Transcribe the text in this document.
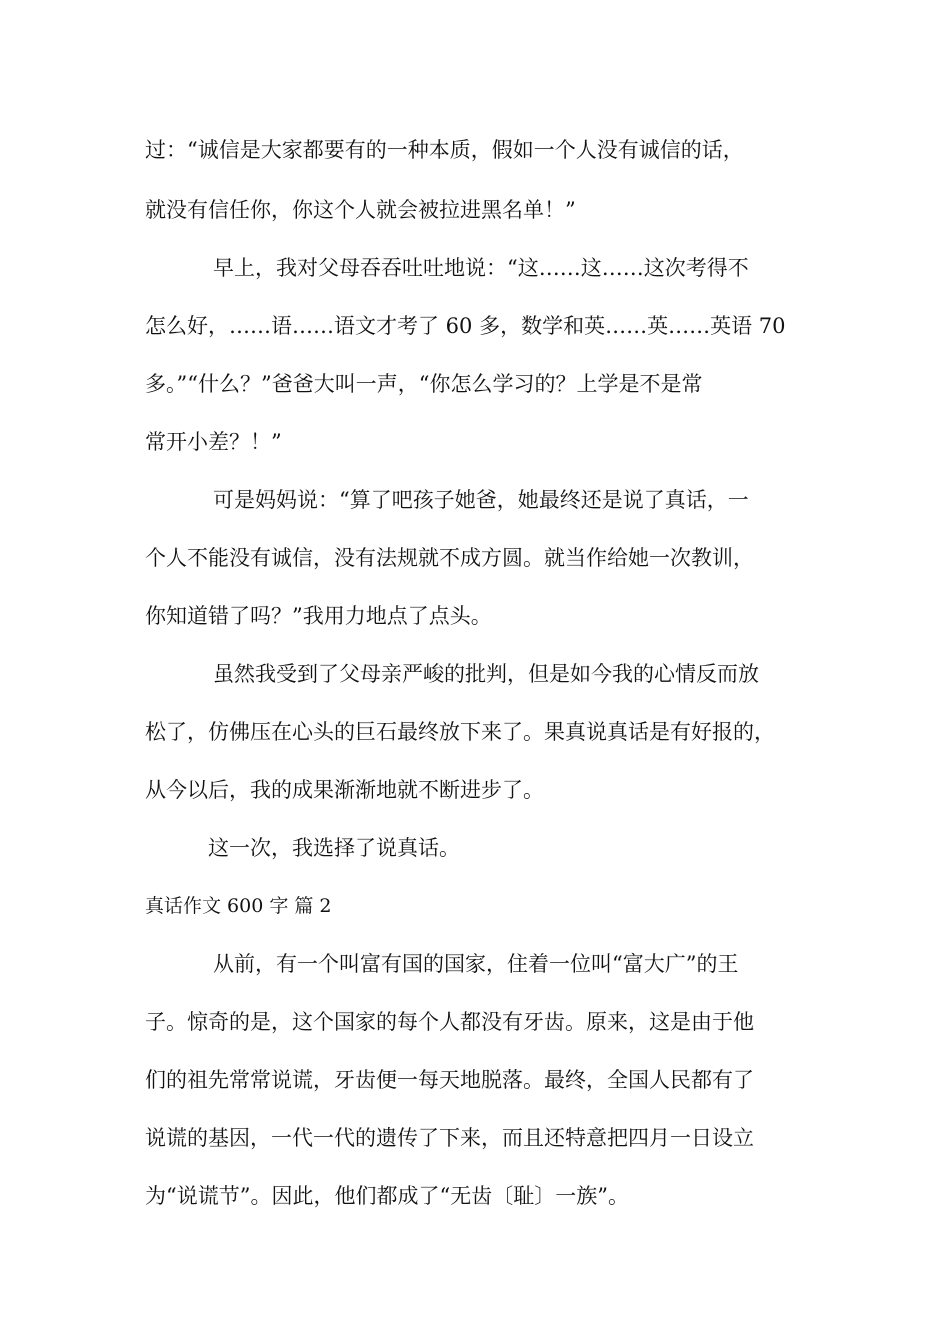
过：“诚信是大家都要有的一种本质，假如一个人没有诚信的话，
就没有信任你，你这个人就会被拉进黑名单！”
早上，我对父母吞吞吐吐地说：“这……这……这次考得不
怎么好，……语……语文才考了 60 多，数学和英……英……英语 70
多。”“什么？”爸爸大叫一声，“你怎么学习的？上学是不是常
常开小差？！”
可是妈妈说：“算了吧孩子她爸，她最终还是说了真话，一
个人不能没有诚信，没有法规就不成方圆。就当作给她一次教训，
你知道错了吗？”我用力地点了点头。
虽然我受到了父母亲严峻的批判，但是如今我的心情反而放
松了，仿佛压在心头的巨石最终放下来了。果真说真话是有好报的，
从今以后，我的成果渐渐地就不断进步了。
这一次，我选择了说真话。
真话作文 600 字 篇 2
从前，有一个叫富有国的国家，住着一位叫“富大广”的王
子。惊奇的是，这个国家的每个人都没有牙齿。原来，这是由于他
们的祖先常常说谎，牙齿便一每天地脱落。最终，全国人民都有了
说谎的基因，一代一代的遗传了下来，而且还特意把四月一日设立
为“说谎节”。因此，他们都成了“无齿〔耻〕一族”。
